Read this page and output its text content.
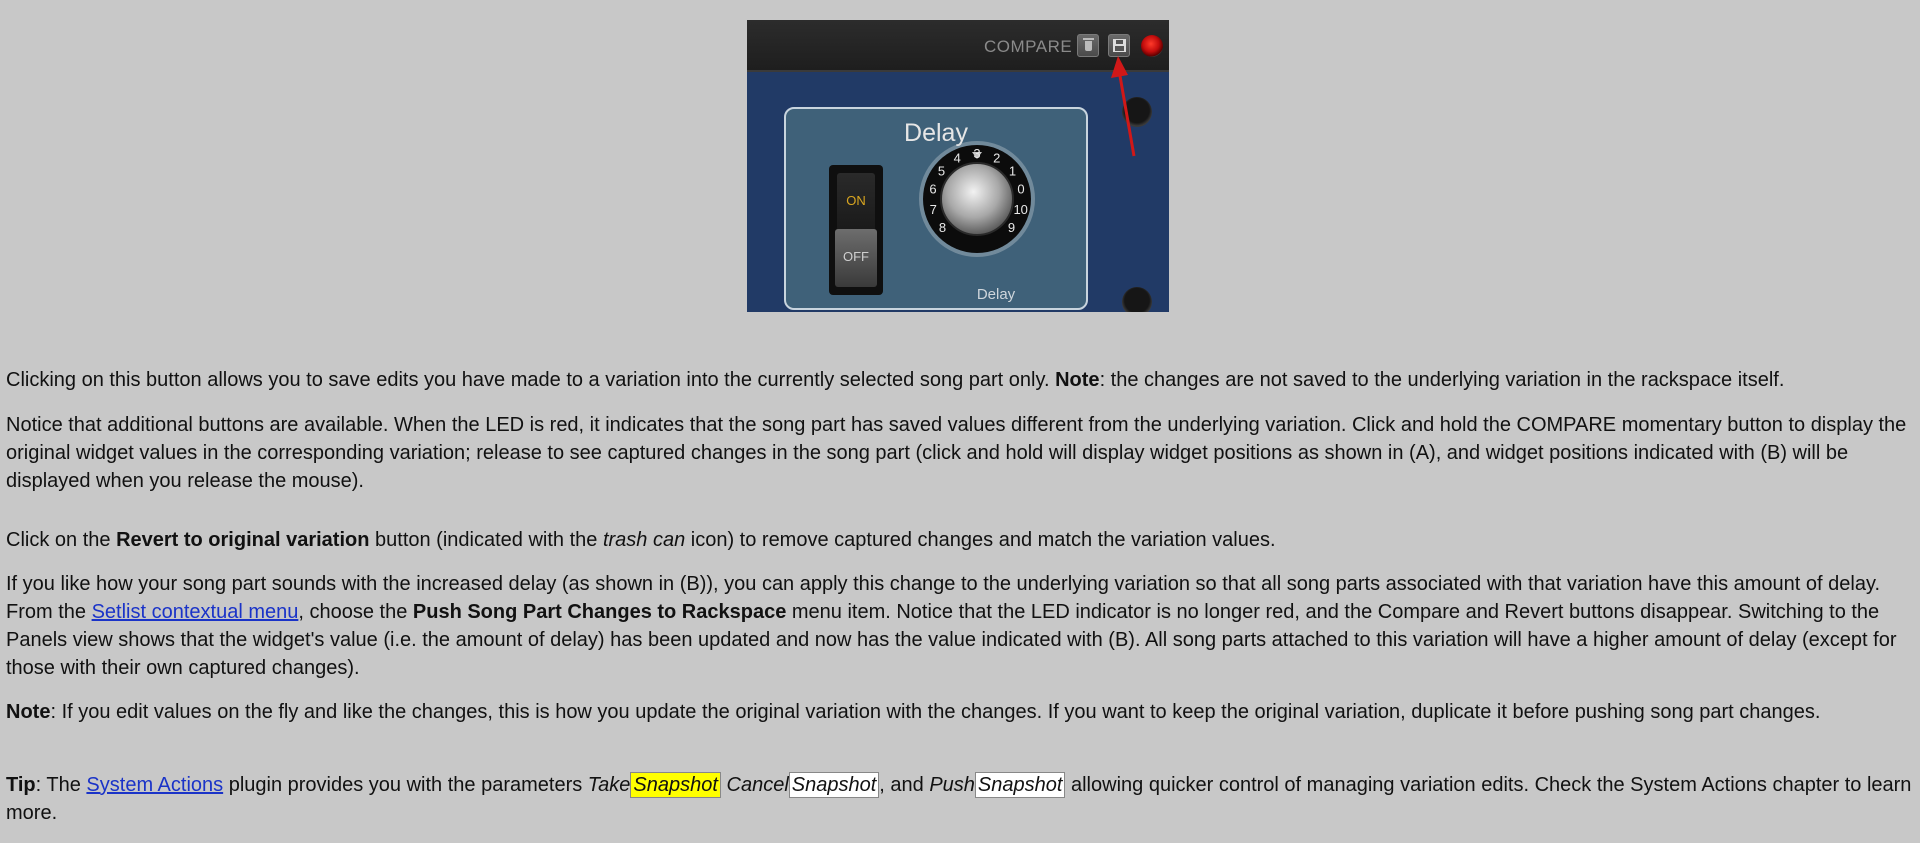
COMPARE
Delay
ON
OFF
8
7
6
5
4 3 2
1
0
10
9
Delay

Clicking on this button allows you to save edits you have made to a variation into the currently selected song part only. Note: the changes are not saved to the underlying variation in the rackspace itself.

Notice that additional buttons are available. When the LED is red, it indicates that the song part has saved values different from the underlying variation. Click and hold the COMPARE momentary button to display the original widget values in the corresponding variation; release to see captured changes in the song part (click and hold will display widget positions as shown in (A), and widget positions indicated with (B) will be displayed when you release the mouse).

Click on the Revert to original variation button (indicated with the trash can icon) to remove captured changes and match the variation values.

If you like how your song part sounds with the increased delay (as shown in (B)), you can apply this change to the underlying variation so that all song parts associated with that variation have this amount of delay. From the Setlist contextual menu, choose the Push Song Part Changes to Rackspace menu item. Notice that the LED indicator is no longer red, and the Compare and Revert buttons disappear. Switching to the Panels view shows that the widget's value (i.e. the amount of delay) has been updated and now has the value indicated with (B). All song parts attached to this variation will have a higher amount of delay (except for those with their own captured changes).

Note: If you edit values on the fly and like the changes, this is how you update the original variation with the changes. If you want to keep the original variation, duplicate it before pushing song part changes.

Tip: The System Actions plugin provides you with the parameters Take Snapshot Cancel Snapshot , and Push Snapshot allowing quicker control of managing variation edits. Check the System Actions chapter to learn more.
